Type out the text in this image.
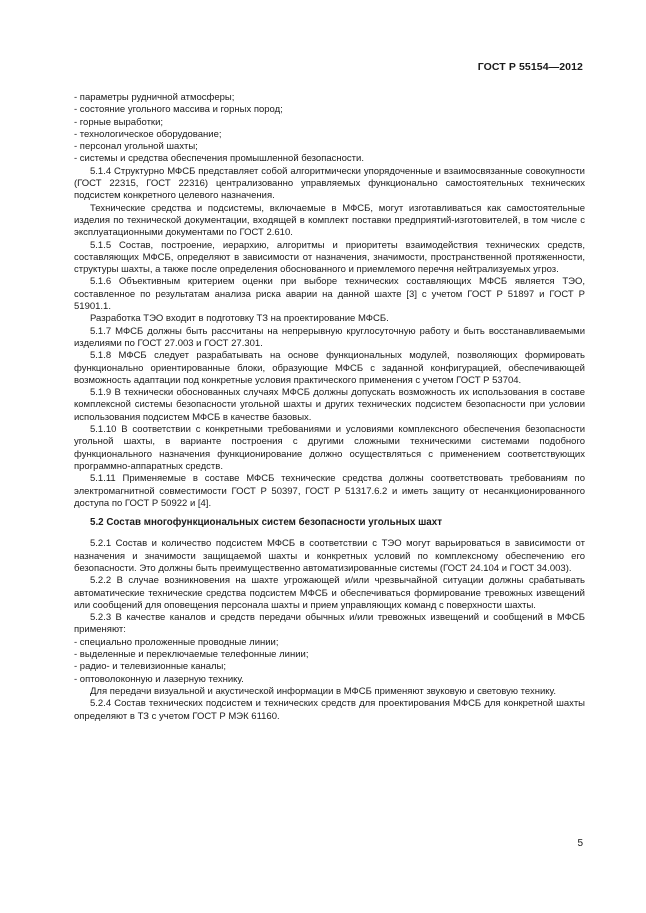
ГОСТ Р 55154—2012

- параметры рудничной атмосферы;

- состояние угольного массива и горных пород;

- горные выработки;

- технологическое оборудование;

- персонал угольной шахты;

- системы и средства обеспечения промышленной безопасности.

5.1.4 Структурно МФСБ представляет собой алгоритмически упорядоченные и взаимосвязанные совокупности (ГОСТ 22315, ГОСТ 22316) централизованно управляемых функционально самостоятельных технических подсистем конкретного целевого назначения.

Технические средства и подсистемы, включаемые в МФСБ, могут изготавливаться как самостоятельные изделия по технической документации, входящей в комплект поставки предприятий-изготовителей, в том числе с эксплуатационными документами по ГОСТ 2.610.

5.1.5 Состав, построение, иерархию, алгоритмы и приоритеты взаимодействия технических средств, составляющих МФСБ, определяют в зависимости от назначения, значимости, пространственной протяженности, структуры шахты, а также после определения обоснованного и приемлемого перечня нейтрализуемых угроз.

5.1.6 Объективным критерием оценки при выборе технических составляющих МФСБ является ТЭО, составленное по результатам анализа риска аварии на данной шахте [3] с учетом ГОСТ Р 51897 и ГОСТ Р 51901.1.

Разработка ТЭО входит в подготовку ТЗ на проектирование МФСБ.

5.1.7 МФСБ должны быть рассчитаны на непрерывную круглосуточную работу и быть восстанавливаемыми изделиями по ГОСТ 27.003 и ГОСТ 27.301.

5.1.8 МФСБ следует разрабатывать на основе функциональных модулей, позволяющих формировать функционально ориентированные блоки, образующие МФСБ с заданной конфигурацией, обеспечивающей возможность адаптации под конкретные условия практического применения с учетом ГОСТ Р 53704.

5.1.9 В технически обоснованных случаях МФСБ должны допускать возможность их использования в составе комплексной системы безопасности угольной шахты и других технических подсистем безопасности при условии использования подсистем МФСБ в качестве базовых.

5.1.10 В соответствии с конкретными требованиями и условиями комплексного обеспечения безопасности угольной шахты, в варианте построения с другими сложными техническими системами подобного функционального назначения функционирование должно осуществляться с применением соответствующих программно-аппаратных средств.

5.1.11 Применяемые в составе МФСБ технические средства должны соответствовать требованиям по электромагнитной совместимости ГОСТ Р 50397, ГОСТ Р 51317.6.2 и иметь защиту от несанкционированного доступа по ГОСТ Р 50922 и [4].

5.2 Состав многофункциональных систем безопасности угольных шахт

5.2.1 Состав и количество подсистем МФСБ в соответствии с ТЭО могут варьироваться в зависимости от назначения и значимости защищаемой шахты и конкретных условий по комплексному обеспечению его безопасности. Это должны быть преимущественно автоматизированные системы (ГОСТ 24.104 и ГОСТ 34.003).

5.2.2 В случае возникновения на шахте угрожающей и/или чрезвычайной ситуации должны срабатывать автоматические технические средства подсистем МФСБ и обеспечиваться формирование тревожных извещений или сообщений для оповещения персонала шахты и прием управляющих команд с поверхности шахты.

5.2.3 В качестве каналов и средств передачи обычных и/или тревожных извещений и сообщений в МФСБ применяют:

- специально проложенные проводные линии;

- выделенные и переключаемые телефонные линии;

- радио- и телевизионные каналы;

- оптоволоконную и лазерную технику.

Для передачи визуальной и акустической информации в МФСБ применяют звуковую и световую технику.

5.2.4 Состав технических подсистем и технических средств для проектирования МФСБ для конкретной шахты определяют в ТЗ с учетом ГОСТ Р МЭК 61160.

5
